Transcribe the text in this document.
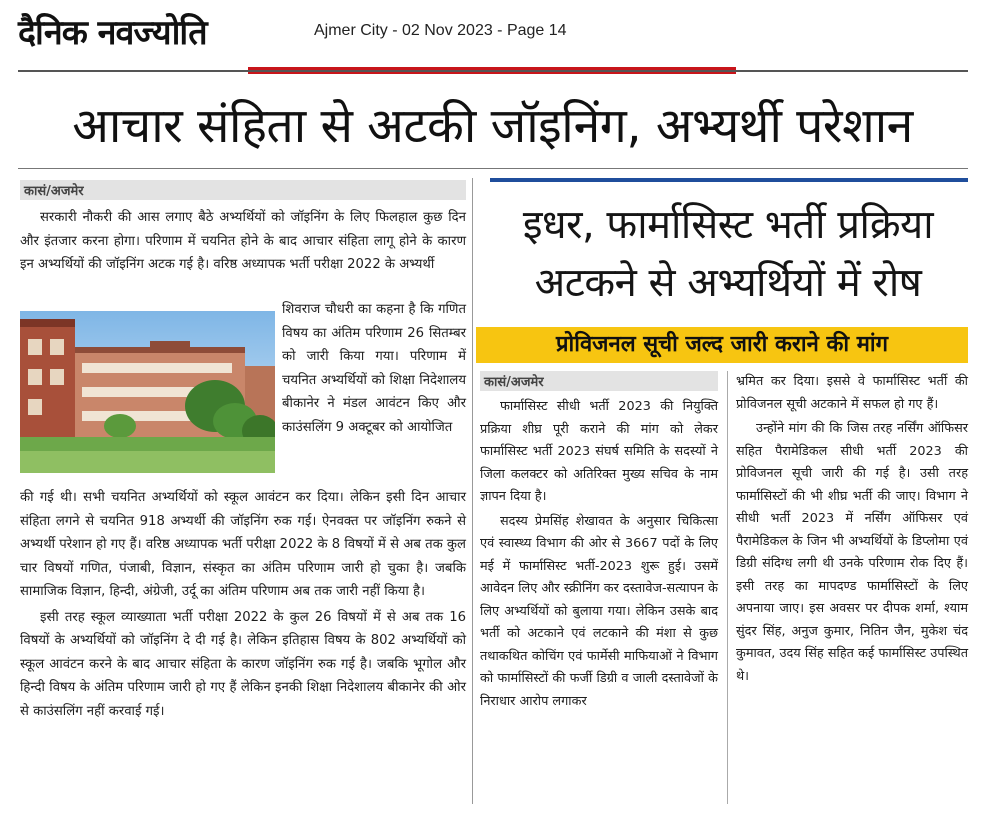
दैनिक नवज्योति	Ajmer City - 02 Nov 2023 - Page 14
आचार संहिता से अटकी जॉइनिंग, अभ्यर्थी परेशान
कासं/अजमेर

सरकारी नौकरी की आस लगाए बैठे अभ्यर्थियों को जॉइनिंग के लिए फिलहाल कुछ दिन और इंतजार करना होगा। परिणाम में चयनित होने के बाद आचार संहिता लागू होने के कारण इन अभ्यर्थियों की जॉइनिंग अटक गई है। वरिष्ठ अध्यापक भर्ती परीक्षा 2022 के अभ्यर्थी

शिवराज चौधरी का कहना है कि गणित विषय का अंतिम परिणाम 26 सितम्बर को जारी किया गया। परिणाम में चयनित अभ्यर्थियों को शिक्षा निदेशालय बीकानेर ने मंडल आवंटन किए और काउंसलिंग 9 अक्टूबर को आयोजित

की गई थी। सभी चयनित अभ्यर्थियों को स्कूल आवंटन कर दिया। लेकिन इसी दिन आचार संहिता लगने से चयनित 918 अभ्यर्थी की जॉइनिंग रुक गई। ऐनवक्त पर जॉइनिंग रुकने से अभ्यर्थी परेशान हो गए हैं। वरिष्ठ अध्यापक भर्ती परीक्षा 2022 के 8 विषयों में से अब तक कुल चार विषयों गणित, पंजाबी, विज्ञान, संस्कृत का अंतिम परिणाम जारी हो चुका है। जबकि सामाजिक विज्ञान, हिन्दी, अंग्रेजी, उर्दू का अंतिम परिणाम अब तक जारी नहीं किया है।

इसी तरह स्कूल व्याख्याता भर्ती परीक्षा 2022 के कुल 26 विषयों में से अब तक 16 विषयों के अभ्यर्थियों को जॉइनिंग दे दी गई है। लेकिन इतिहास विषय के 802 अभ्यर्थियों को स्कूल आवंटन करने के बाद आचार संहिता के कारण जॉइनिंग रुक गई है। जबकि भूगोल और हिन्दी विषय के अंतिम परिणाम जारी हो गए हैं लेकिन इनकी शिक्षा निदेशालय बीकानेर की ओर से काउंसलिंग नहीं करवाई गई।

इधर, फार्मासिस्ट भर्ती प्रक्रिया
अटकने से अभ्यर्थियों में रोष
प्रोविजनल सूची जल्द जारी कराने की मांग
कासं/अजमेर

फार्मासिस्ट सीधी भर्ती 2023 की नियुक्ति प्रक्रिया शीघ्र पूरी कराने की मांग को लेकर फार्मासिस्ट भर्ती 2023 संघर्ष समिति के सदस्यों ने जिला कलक्टर को अतिरिक्त मुख्य सचिव के नाम ज्ञापन दिया है।

सदस्य प्रेमसिंह शेखावत के अनुसार चिकित्सा एवं स्वास्थ्य विभाग की ओर से 3667 पदों के लिए मई में फार्मासिस्ट भर्ती-2023 शुरू हुई। उसमें आवेदन लिए और स्क्रीनिंग कर दस्तावेज-सत्यापन के लिए अभ्यर्थियों को बुलाया गया। लेकिन उसके बाद भर्ती को अटकाने एवं लटकाने की मंशा से कुछ तथाकथित कोचिंग एवं फार्मेसी माफियाओं ने विभाग को फार्मासिस्टों की फर्जी डिग्री व जाली दस्तावेजों के निराधार आरोप लगाकर

भ्रमित कर दिया। इससे वे फार्मासिस्ट भर्ती की प्रोविजनल सूची अटकाने में सफल हो गए हैं।

उन्होंने मांग की कि जिस तरह नर्सिंग ऑफिसर सहित पैरामेडिकल सीधी भर्ती 2023 की प्रोविजनल सूची जारी की गई है। उसी तरह फार्मासिस्टों की भी शीघ्र भर्ती की जाए। विभाग ने सीधी भर्ती 2023 में नर्सिंग ऑफिसर एवं पैरामेडिकल के जिन भी अभ्यर्थियों के डिप्लोमा एवं डिग्री संदिग्ध लगी थी उनके परिणाम रोक दिए हैं। इसी तरह का मापदण्ड फार्मासिस्टों के लिए अपनाया जाए। इस अवसर पर दीपक शर्मा, श्याम सुंदर सिंह, अनुज कुमार, नितिन जैन, मुकेश चंद कुमावत, उदय सिंह सहित कई फार्मासिस्ट उपस्थित थे।
